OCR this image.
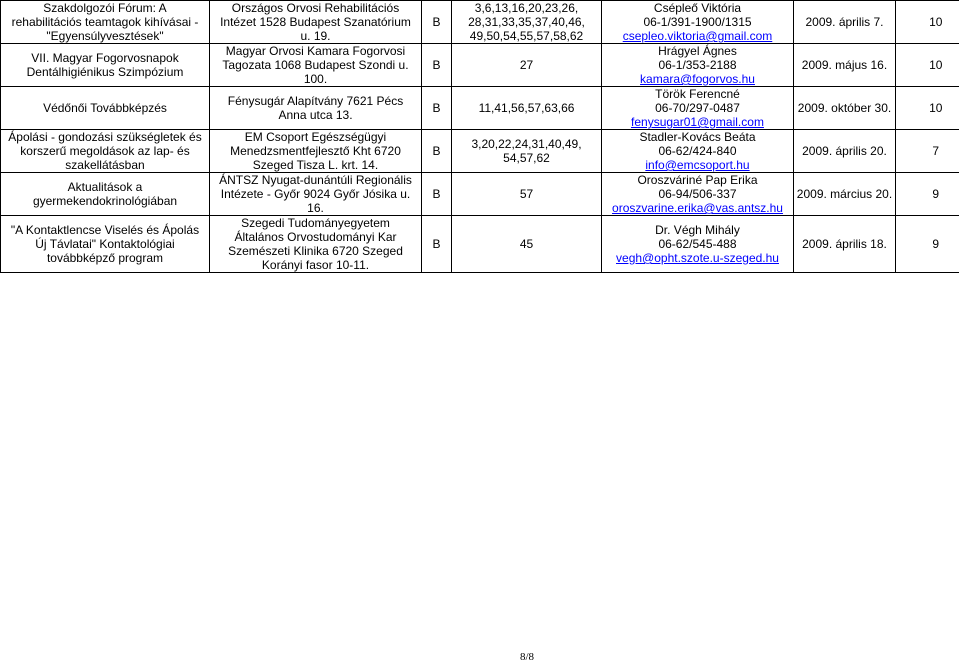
Szakdolgozói Fórum: A
rehabilitációs teamtagok kihívásai -
"Egyensúlyvesztések"	Országos Orvosi Rehabilitációs
Intézet 1528 Budapest Szanatórium
u. 19.	B	3,6,13,16,20,23,26,
28,31,33,35,37,40,46,
49,50,54,55,57,58,62	Csépleő Viktória
06-1/391-1900/1315
csepleo.viktoria@gmail.com	2009. április 7.	10
VII. Magyar Fogorvosnapok
Dentálhigiénikus Szimpózium	Magyar Orvosi Kamara Fogorvosi
Tagozata 1068 Budapest Szondi u.
100.	B	27	Hrágyel Ágnes
06-1/353-2188
kamara@fogorvos.hu	2009. május 16.	10
Védőnői Továbbképzés	Fénysugár Alapítvány 7621 Pécs
Anna utca 13.	B	11,41,56,57,63,66	Török Ferencné
06-70/297-0487
fenysugar01@gmail.com	2009. október 30.	10
Ápolási - gondozási szükségletek és
korszerű megoldások az lap- és
szakellátásban	EM Csoport Egészségügyi
Menedzsmentfejlesztő Kht 6720
Szeged Tisza L. krt. 14.	B	3,20,22,24,31,40,49,
54,57,62	Stadler-Kovács Beáta
06-62/424-840
info@emcsoport.hu	2009. április 20.	7
Aktualitások a
gyermekendokrinológiában	ÁNTSZ Nyugat-dunántúli Regionális
Intézete - Győr 9024 Győr Jósika u.
16.	B	57	Oroszváriné Pap Erika
06-94/506-337
oroszvarine.erika@vas.antsz.hu	2009. március 20.	9
"A Kontaktlencse Viselés és Ápolás
Új Távlatai" Kontaktológiai
továbbképző program	Szegedi Tudományegyetem
Általános Orvostudományi Kar
Szemészeti Klinika 6720 Szeged
Korányi fasor 10-11.	B	45	Dr. Végh Mihály
06-62/545-488
vegh@opht.szote.u-szeged.hu	2009. április 18.	9
8/8
